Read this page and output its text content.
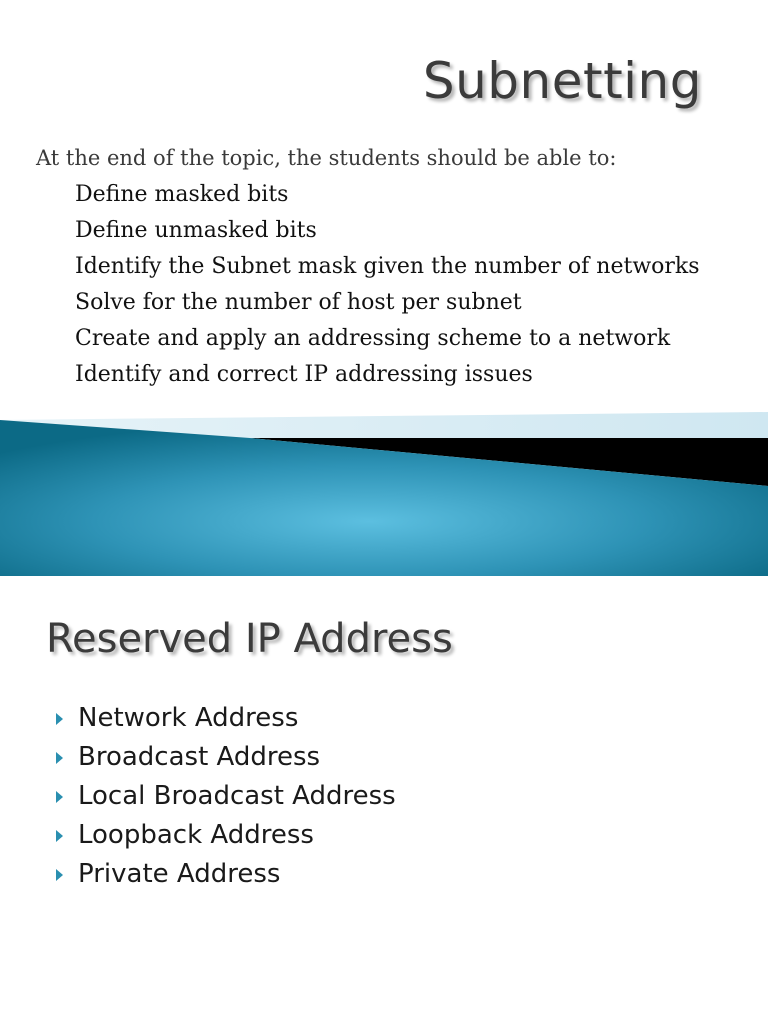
Subnetting

At the end of the topic, the students should be able to:

Define masked bits
Define unmasked bits
Identify the Subnet mask given the number of networks
Solve for the number of host per subnet
Create and apply an addressing scheme to a network
Identify and correct IP addressing issues
Reserved IP Address
Network Address
Broadcast Address
Local Broadcast Address
Loopback Address
Private Address
